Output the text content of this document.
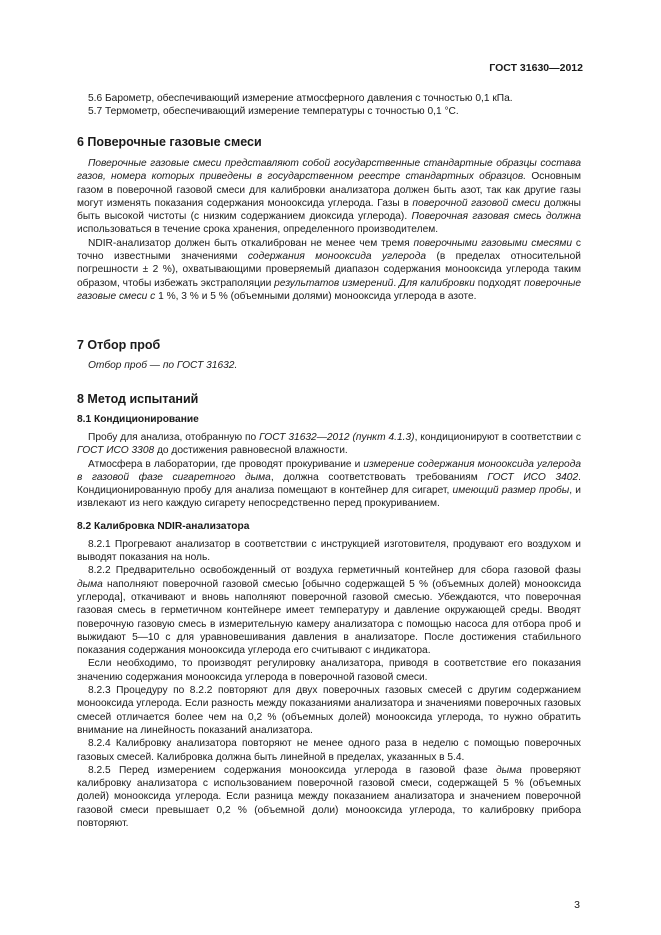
ГОСТ 31630—2012

5.6 Барометр, обеспечивающий измерение атмосферного давления с точностью 0,1 кПа.

5.7 Термометр, обеспечивающий измерение температуры с точностью 0,1 °С.

6 Поверочные газовые смеси

Поверочные газовые смеси представляют собой государственные стандартные образцы состава газов, номера которых приведены в государственном реестре стандартных образцов. Основным газом в поверочной газовой смеси для калибровки анализатора должен быть азот, так как другие газы могут изменять показания содержания монооксида углерода. Газы в поверочной газовой смеси должны быть высокой чистоты (с низким содержанием диоксида углерода). Поверочная газовая смесь должна использоваться в течение срока хранения, определенного производителем.

NDIR-анализатор должен быть откалиброван не менее чем тремя поверочными газовыми смесями с точно известными значениями содержания монооксида углерода (в пределах относительной погрешности ± 2 %), охватывающими проверяемый диапазон содержания монооксида углерода таким образом, чтобы избежать экстраполяции результатов измерений. Для калибровки подходят поверочные газовые смеси с 1 %, 3 % и 5 % (объемными долями) монооксида углерода в азоте.

7 Отбор проб

Отбор проб — по ГОСТ 31632.

8 Метод испытаний
8.1 Кондиционирование

Пробу для анализа, отобранную по ГОСТ 31632—2012 (пункт 4.1.3), кондиционируют в соответствии с ГОСТ ИСО 3308 до достижения равновесной влажности.

Атмосфера в лаборатории, где проводят прокуривание и измерение содержания монооксида углерода в газовой фазе сигаретного дыма, должна соответствовать требованиям ГОСТ ИСО 3402. Кондиционированную пробу для анализа помещают в контейнер для сигарет, имеющий размер пробы, и извлекают из него каждую сигарету непосредственно перед прокуриванием.

8.2 Калибровка NDIR-анализатора

8.2.1 Прогревают анализатор в соответствии с инструкцией изготовителя, продувают его воздухом и выводят показания на ноль.

8.2.2 Предварительно освобожденный от воздуха герметичный контейнер для сбора газовой фазы дыма наполняют поверочной газовой смесью [обычно содержащей 5 % (объемных долей) монооксида углерода], откачивают и вновь наполняют поверочной газовой смесью. Убеждаются, что поверочная газовая смесь в герметичном контейнере имеет температуру и давление окружающей среды. Вводят поверочную газовую смесь в измерительную камеру анализатора с помощью насоса для отбора проб и выжидают 5—10 с для уравновешивания давления в анализаторе. После достижения стабильного показания содержания монооксида углерода его считывают с индикатора.

Если необходимо, то производят регулировку анализатора, приводя в соответствие его показания значению содержания монооксида углерода в поверочной газовой смеси.

8.2.3 Процедуру по 8.2.2 повторяют для двух поверочных газовых смесей с другим содержанием монооксида углерода. Если разность между показаниями анализатора и значениями поверочных газовых смесей отличается более чем на 0,2 % (объемных долей) монооксида углерода, то нужно обратить внимание на линейность показаний анализатора.

8.2.4 Калибровку анализатора повторяют не менее одного раза в неделю с помощью поверочных газовых смесей. Калибровка должна быть линейной в пределах, указанных в 5.4.

8.2.5 Перед измерением содержания монооксида углерода в газовой фазе дыма проверяют калибровку анализатора с использованием поверочной газовой смеси, содержащей 5 % (объемных долей) монооксида углерода. Если разница между показанием анализатора и значением поверочной газовой смеси превышает 0,2 % (объемной доли) монооксида углерода, то калибровку прибора повторяют.

3
